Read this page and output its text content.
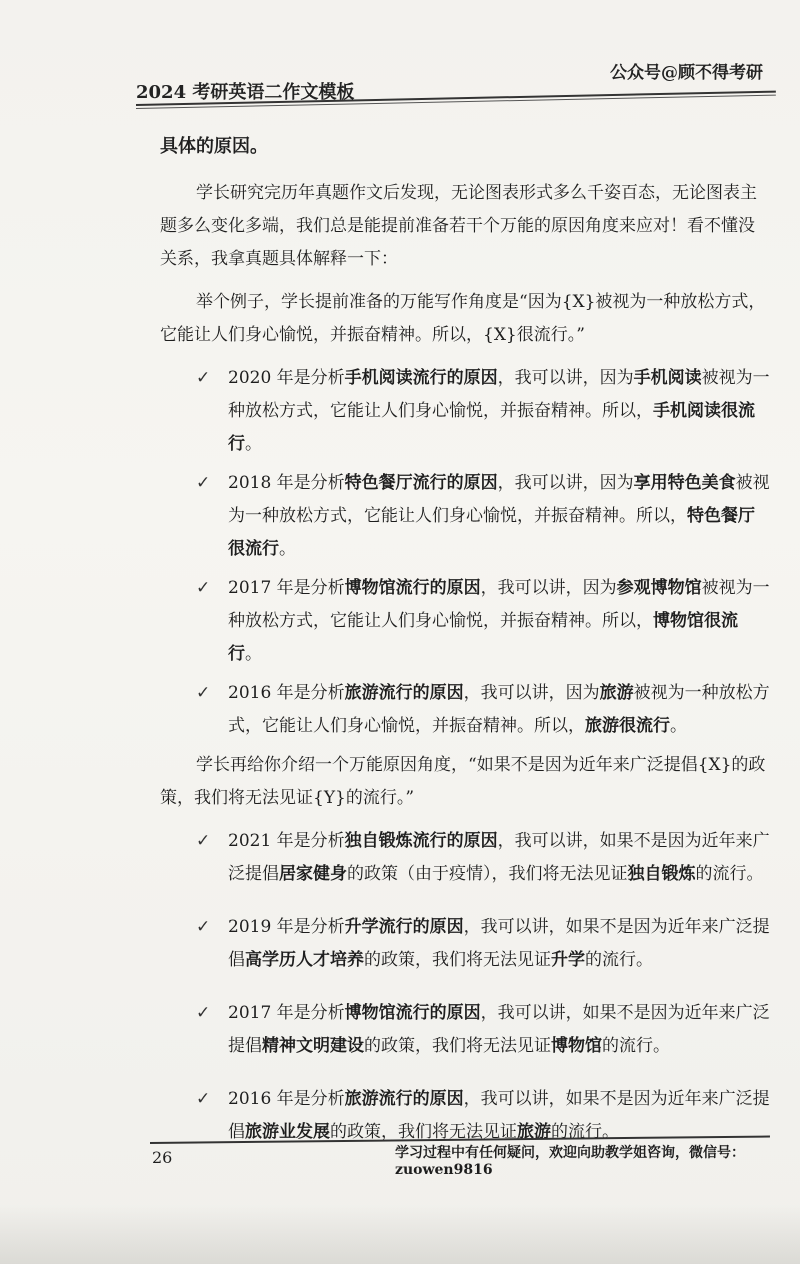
2024 考研英语二作文模板
公众号@顾不得考研
具体的原因。

学长研究完历年真题作文后发现，无论图表形式多么千姿百态，无论图表主题多么变化多端，我们总是能提前准备若干个万能的原因角度来应对！看不懂没关系，我拿真题具体解释一下：

举个例子，学长提前准备的万能写作角度是“因为{X}被视为一种放松方式，它能让人们身心愉悦，并振奋精神。所以，{X}很流行。”

✓ 2020 年是分析手机阅读流行的原因，我可以讲，因为手机阅读被视为一种放松方式，它能让人们身心愉悦，并振奋精神。所以，手机阅读很流行。
✓ 2018 年是分析特色餐厅流行的原因，我可以讲，因为享用特色美食被视为一种放松方式，它能让人们身心愉悦，并振奋精神。所以，特色餐厅很流行。
✓ 2017 年是分析博物馆流行的原因，我可以讲，因为参观博物馆被视为一种放松方式，它能让人们身心愉悦，并振奋精神。所以，博物馆很流行。
✓ 2016 年是分析旅游流行的原因，我可以讲，因为旅游被视为一种放松方式，它能让人们身心愉悦，并振奋精神。所以，旅游很流行。

学长再给你介绍一个万能原因角度，“如果不是因为近年来广泛提倡{X}的政策，我们将无法见证{Y}的流行。”

✓ 2021 年是分析独自锻炼流行的原因，我可以讲，如果不是因为近年来广泛提倡居家健身的政策（由于疫情），我们将无法见证独自锻炼的流行。
✓ 2019 年是分析升学流行的原因，我可以讲，如果不是因为近年来广泛提倡高学历人才培养的政策，我们将无法见证升学的流行。
✓ 2017 年是分析博物馆流行的原因，我可以讲，如果不是因为近年来广泛提倡精神文明建设的政策，我们将无法见证博物馆的流行。
✓ 2016 年是分析旅游流行的原因，我可以讲，如果不是因为近年来广泛提倡旅游业发展的政策，我们将无法见证旅游的流行。
26	学习过程中有任何疑问，欢迎向助教学姐咨询，微信号：zuowen9816
